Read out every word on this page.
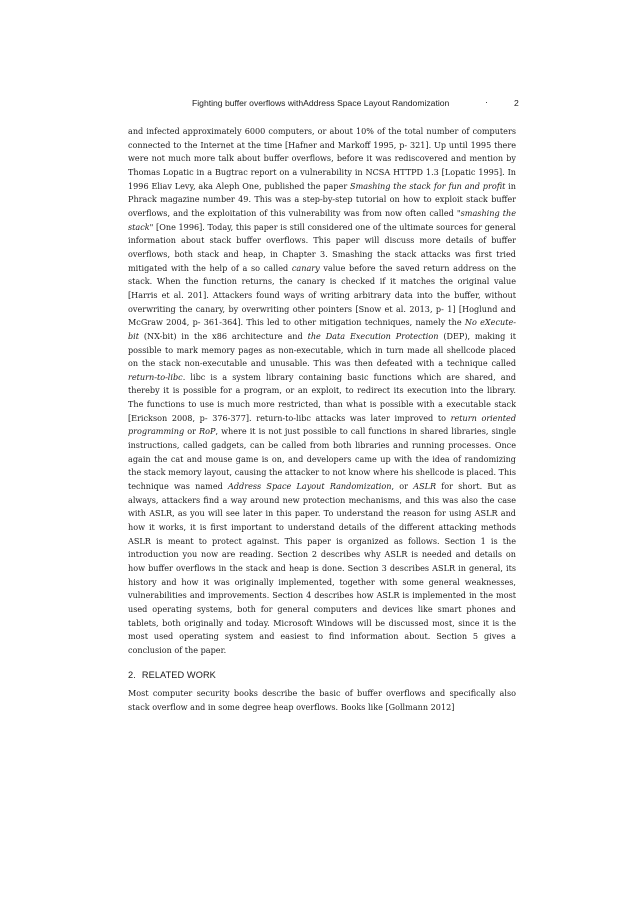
Fighting buffer overflows withAddress Space Layout Randomization	·	2

and infected approximately 6000 computers, or about 10% of the total number of computers connected to the Internet at the time [Hafner and Markoff 1995, p- 321]. Up until 1995 there were not much more talk about buffer overflows, before it was rediscovered and mention by Thomas Lopatic in a Bugtrac report on a vulnerability in NCSA HTTPD 1.3 [Lopatic 1995]. In 1996 Eliav Levy, aka Aleph One, published the paper Smashing the stack for fun and profit in Phrack magazine number 49. This was a step-by-step tutorial on how to exploit stack buffer overflows, and the exploitation of this vulnerability was from now often called "smashing the stack" [One 1996]. Today, this paper is still considered one of the ultimate sources for general information about stack buffer overflows. This paper will discuss more details of buffer overflows, both stack and heap, in Chapter 3. Smashing the stack attacks was first tried mitigated with the help of a so called canary value before the saved return address on the stack. When the function returns, the canary is checked if it matches the original value [Harris et al. 201]. Attackers found ways of writing arbitrary data into the buffer, without overwriting the canary, by overwriting other pointers [Snow et al. 2013, p- 1] [Hoglund and McGraw 2004, p- 361-364]. This led to other mitigation techniques, namely the No eXecute-bit (NX-bit) in the x86 architecture and the Data Execution Protection (DEP), making it possible to mark memory pages as non-executable, which in turn made all shellcode placed on the stack non-executable and unusable. This was then defeated with a technique called return-to-libc. libc is a system library containing basic functions which are shared, and thereby it is possible for a program, or an exploit, to redirect its execution into the library. The functions to use is much more restricted, than what is possible with a executable stack [Erickson 2008, p- 376-377]. return-to-libc attacks was later improved to return oriented programming or RoP, where it is not just possible to call functions in shared libraries, single instructions, called gadgets, can be called from both libraries and running processes. Once again the cat and mouse game is on, and developers came up with the idea of randomizing the stack memory layout, causing the attacker to not know where his shellcode is placed. This technique was named Address Space Layout Randomization, or ASLR for short. But as always, attackers find a way around new protection mechanisms, and this was also the case with ASLR, as you will see later in this paper. To understand the reason for using ASLR and how it works, it is first important to understand details of the different attacking methods ASLR is meant to protect against. This paper is organized as follows. Section 1 is the introduction you now are reading. Section 2 describes why ASLR is needed and details on how buffer overflows in the stack and heap is done. Section 3 describes ASLR in general, its history and how it was originally implemented, together with some general weaknesses, vulnerabilities and improvements. Section 4 describes how ASLR is implemented in the most used operating systems, both for general computers and devices like smart phones and tablets, both originally and today. Microsoft Windows will be discussed most, since it is the most used operating system and easiest to find information about. Section 5 gives a conclusion of the paper.

2. RELATED WORK

Most computer security books describe the basic of buffer overflows and specifically also stack overflow and in some degree heap overflows. Books like [Gollmann 2012]
